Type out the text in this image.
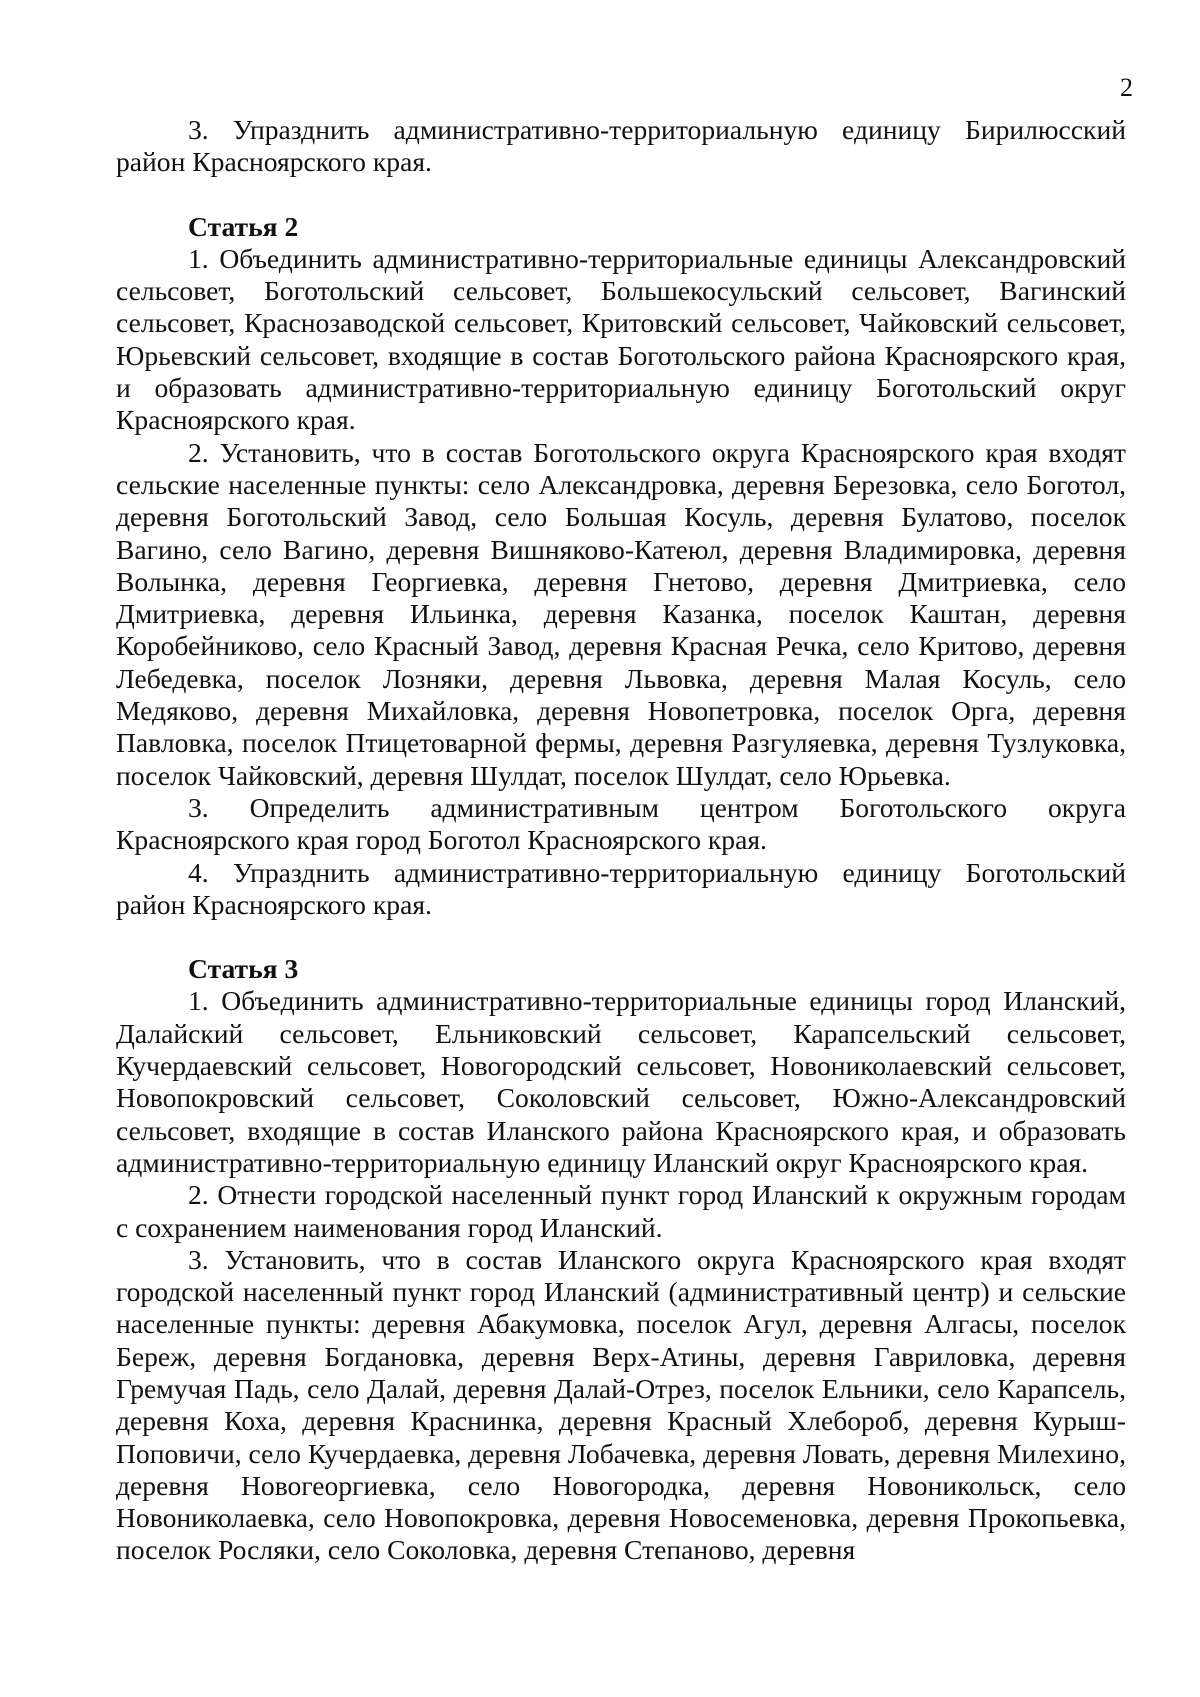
2

3. Упразднить административно-территориальную единицу Бирилюсский район Красноярского края.

Статья 2

1. Объединить административно-территориальные единицы Александровский сельсовет, Боготольский сельсовет, Большекосульский сельсовет, Вагинский сельсовет, Краснозаводской сельсовет, Критовский сельсовет, Чайковский сельсовет, Юрьевский сельсовет, входящие в состав Боготольского района Красноярского края, и образовать административно-территориальную единицу Боготольский округ Красноярского края.

2. Установить, что в состав Боготольского округа Красноярского края входят сельские населенные пункты: село Александровка, деревня Березовка, село Боготол, деревня Боготольский Завод, село Большая Косуль, деревня Булатово, поселок Вагино, село Вагино, деревня Вишняково-Катеюл, деревня Владимировка, деревня Волынка, деревня Георгиевка, деревня Гнетово, деревня Дмитриевка, село Дмитриевка, деревня Ильинка, деревня Казанка, поселок Каштан, деревня Коробейниково, село Красный Завод, деревня Красная Речка, село Критово, деревня Лебедевка, поселок Лозняки, деревня Львовка, деревня Малая Косуль, село Медяково, деревня Михайловка, деревня Новопетровка, поселок Орга, деревня Павловка, поселок Птицетоварной фермы, деревня Разгуляевка, деревня Тузлуковка, поселок Чайковский, деревня Шулдат, поселок Шулдат, село Юрьевка.

3. Определить административным центром Боготольского округа Красноярского края город Боготол Красноярского края.

4. Упразднить административно-территориальную единицу Боготольский район Красноярского края.

Статья 3

1. Объединить административно-территориальные единицы город Иланский, Далайский сельсовет, Ельниковский сельсовет, Карапсельский сельсовет, Кучердаевский сельсовет, Новогородский сельсовет, Новониколаевский сельсовет, Новопокровский сельсовет, Соколовский сельсовет, Южно-Александровский сельсовет, входящие в состав Иланского района Красноярского края, и образовать административно-территориальную единицу Иланский округ Красноярского края.

2. Отнести городской населенный пункт город Иланский к окружным городам с сохранением наименования город Иланский.

3. Установить, что в состав Иланского округа Красноярского края входят городской населенный пункт город Иланский (административный центр) и сельские населенные пункты: деревня Абакумовка, поселок Агул, деревня Алгасы, поселок Береж, деревня Богдановка, деревня Верх-Атины, деревня Гавриловка, деревня Гремучая Падь, село Далай, деревня Далай-Отрез, поселок Ельники, село Карапсель, деревня Коха, деревня Краснинка, деревня Красный Хлебороб, деревня Курыш-Поповичи, село Кучердаевка, деревня Лобачевка, деревня Ловать, деревня Милехино, деревня Новогеоргиевка, село Новогородка, деревня Новоникольск, село Новониколаевка, село Новопокровка, деревня Новосеменовка, деревня Прокопьевка, поселок Росляки, село Соколовка, деревня Степаново, деревня
